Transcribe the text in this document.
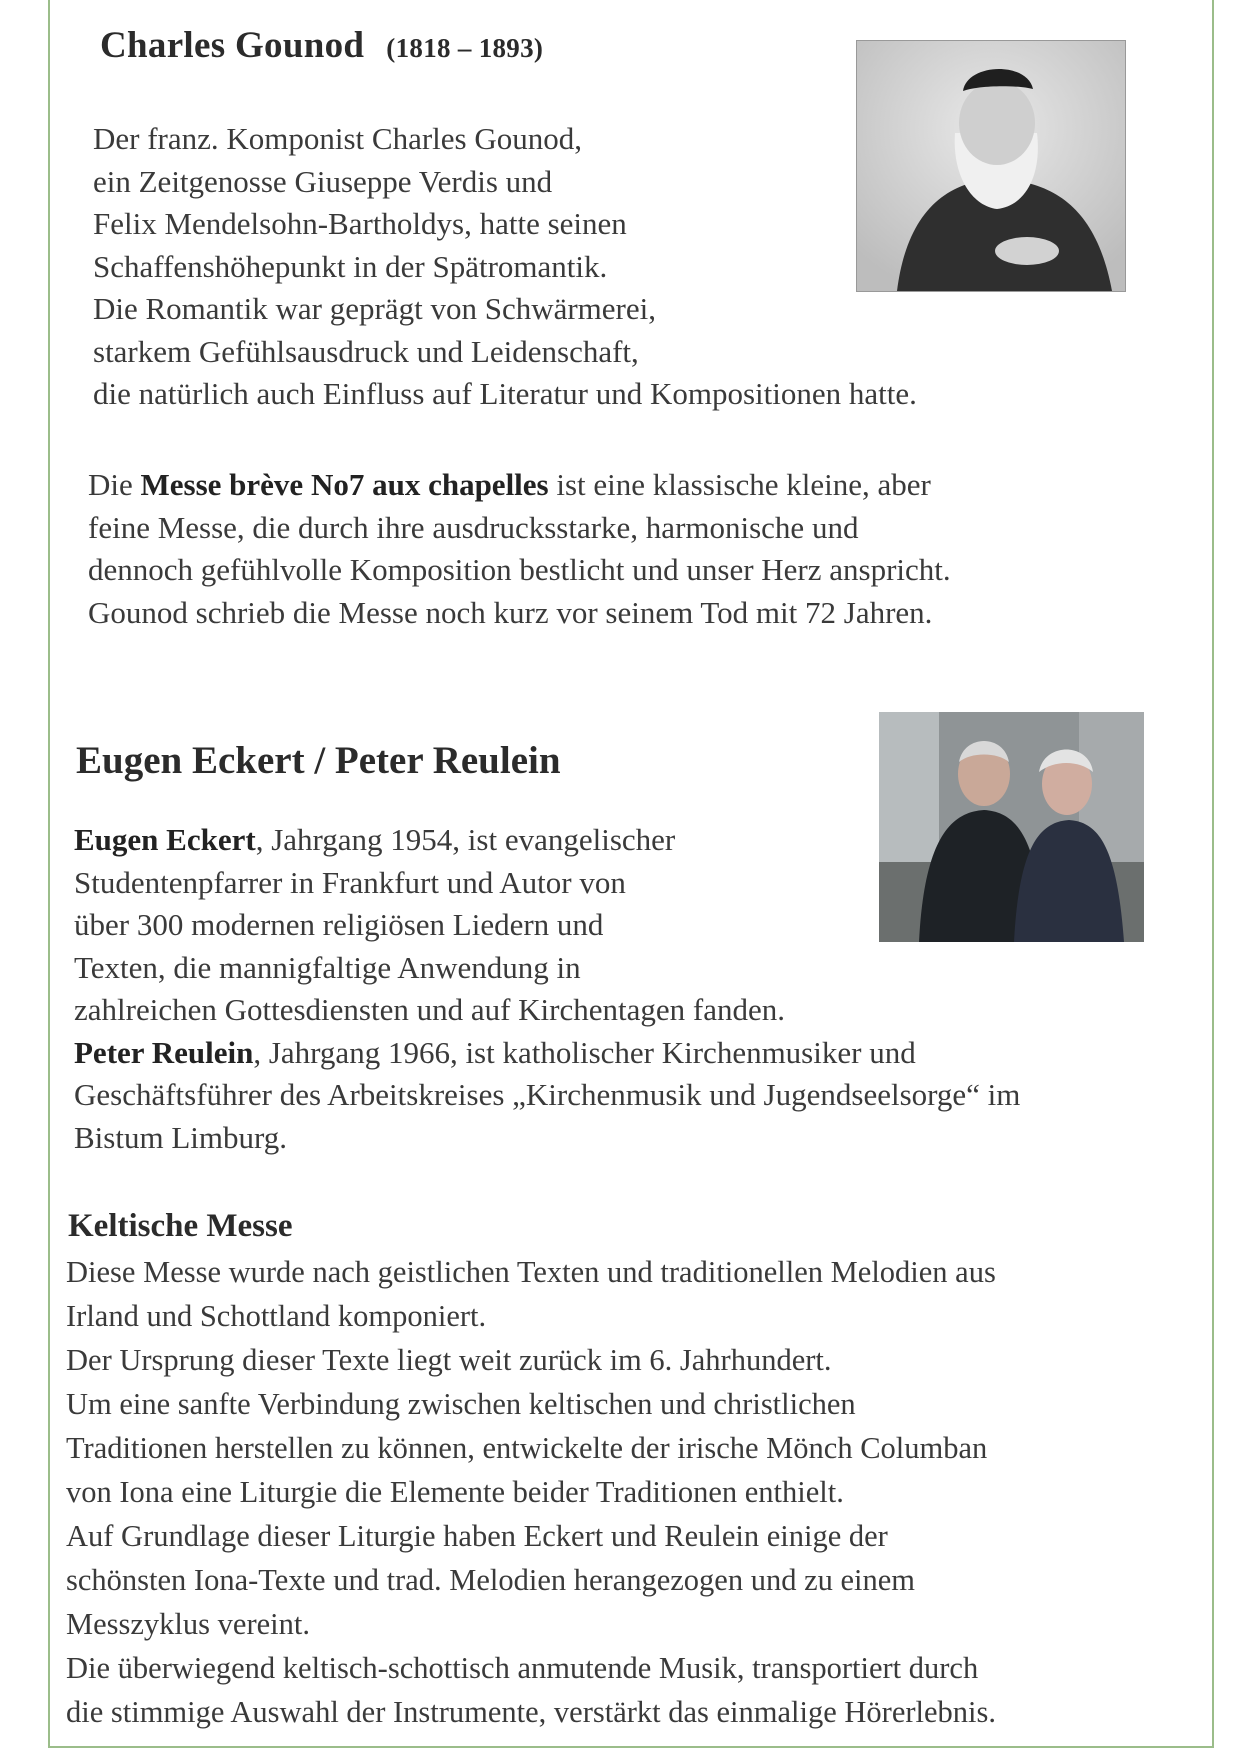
Charles Gounod (1818 – 1893)
Der franz. Komponist Charles Gounod,
ein Zeitgenosse Giuseppe Verdis und
Felix Mendelsohn-Bartholdys, hatte seinen
Schaffenshöhepunkt in der Spätromantik.
Die Romantik war geprägt von Schwärmerei,
starkem Gefühlsausdruck und Leidenschaft,
die natürlich auch Einfluss auf Literatur und Kompositionen hatte.
Die Messe brève No7 aux chapelles ist eine klassische kleine, aber
feine Messe, die durch ihre ausdrucksstarke, harmonische und
dennoch gefühlvolle Komposition bestlicht und unser Herz anspricht.
Gounod schrieb die Messe noch kurz vor seinem Tod mit 72 Jahren.
Eugen Eckert / Peter Reulein
Eugen Eckert, Jahrgang 1954, ist evangelischer
Studentenpfarrer in Frankfurt und Autor von
über 300 modernen religiösen Liedern und
Texten, die mannigfaltige Anwendung in
zahlreichen Gottesdiensten und auf Kirchentagen fanden.
Peter Reulein, Jahrgang 1966, ist katholischer Kirchenmusiker und
Geschäftsführer des Arbeitskreises „Kirchenmusik und Jugendseelsorge“ im
Bistum Limburg.
Keltische Messe
Diese Messe wurde nach geistlichen Texten und traditionellen Melodien aus
Irland und Schottland komponiert.
Der Ursprung dieser Texte liegt weit zurück im 6. Jahrhundert.
Um eine sanfte Verbindung zwischen keltischen und christlichen
Traditionen herstellen zu können, entwickelte der irische Mönch Columban
von Iona eine Liturgie die Elemente beider Traditionen enthielt.
Auf Grundlage dieser Liturgie haben Eckert und Reulein einige der
schönsten Iona-Texte und trad. Melodien herangezogen und zu einem
Messzyklus vereint.
Die überwiegend keltisch-schottisch anmutende Musik, transportiert durch
die stimmige Auswahl der Instrumente, verstärkt das einmalige Hörerlebnis.
